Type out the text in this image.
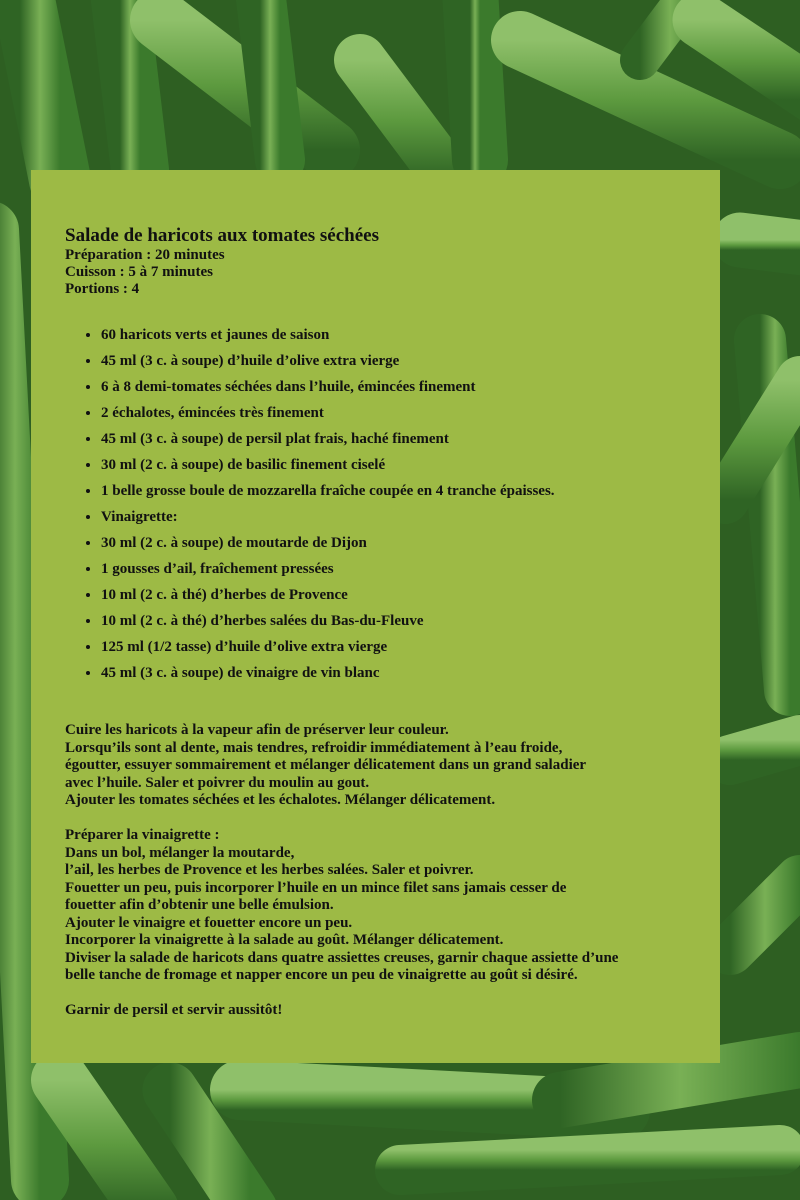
Salade de haricots aux tomates séchées

Préparation : 20 minutes

Cuisson : 5 à 7 minutes

Portions : 4

• 60 haricots verts et jaunes de saison
• 45 ml (3 c. à soupe) d’huile d’olive extra vierge
• 6 à 8 demi-tomates séchées dans l’huile, émincées finement
• 2 échalotes, émincées très finement
• 45 ml (3 c. à soupe) de persil plat frais, haché finement
• 30 ml (2 c. à soupe) de basilic finement ciselé
• 1 belle grosse boule de mozzarella fraîche coupée en 4 tranche épaisses.
• Vinaigrette:
• 30 ml (2 c. à soupe) de moutarde de Dijon
• 1 gousses d’ail, fraîchement pressées
• 10 ml (2 c. à thé) d’herbes de Provence
• 10 ml (2 c. à thé) d’herbes salées du Bas-du-Fleuve
• 125 ml (1/2 tasse) d’huile d’olive extra vierge
• 45 ml (3 c. à soupe) de vinaigre de vin blanc

Cuire les haricots à la vapeur afin de préserver leur couleur.

Lorsqu’ils sont al dente, mais tendres, refroidir immédiatement à l’eau froide,

égoutter, essuyer sommairement et mélanger délicatement dans un grand saladier

avec l’huile. Saler et poivrer du moulin au gout.

Ajouter les tomates séchées et les échalotes. Mélanger délicatement.

Préparer la vinaigrette :

Dans un bol, mélanger la moutarde,

l’ail, les herbes de Provence et les herbes salées. Saler et poivrer.

Fouetter un peu, puis incorporer l’huile en un mince filet sans jamais cesser de

fouetter afin d’obtenir une belle émulsion.

Ajouter le vinaigre et fouetter encore un peu.

Incorporer la vinaigrette à la salade au goût. Mélanger délicatement.

Diviser la salade de haricots dans quatre assiettes creuses, garnir chaque assiette d’une

belle tanche de fromage et napper encore un peu de vinaigrette au goût si désiré.

Garnir de persil et servir aussitôt!
